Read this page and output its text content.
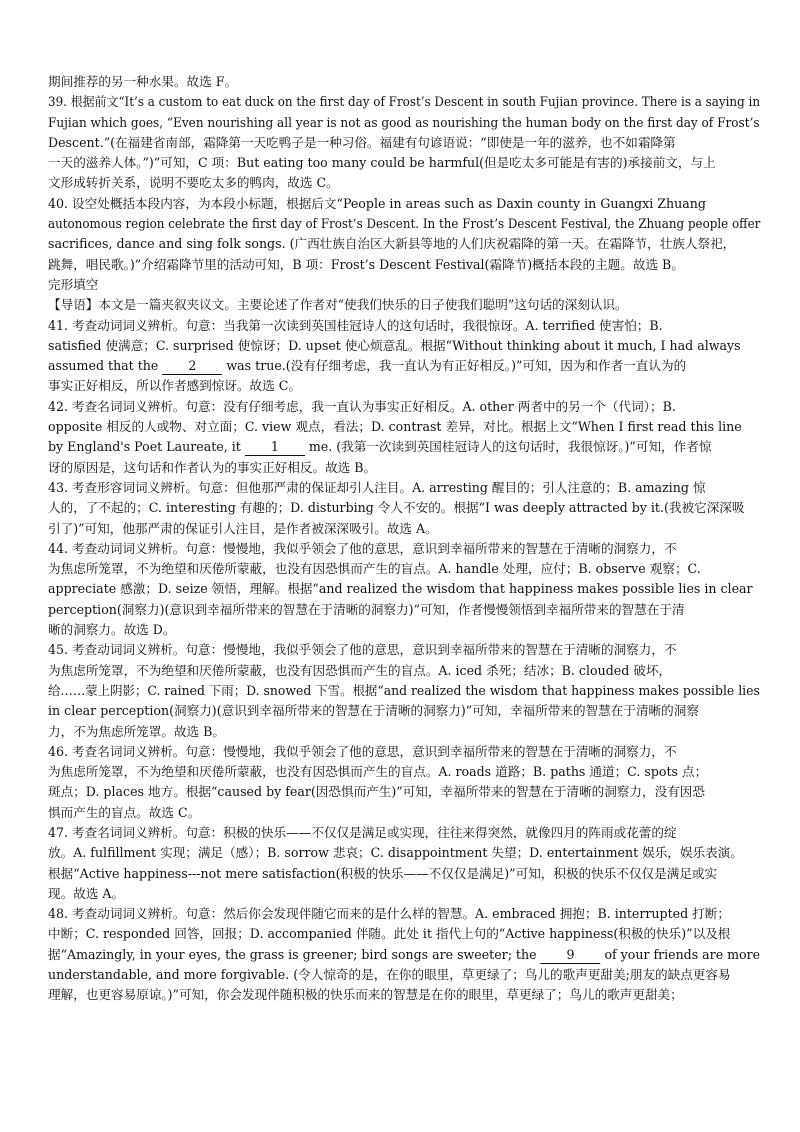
期间推荐的另一种水果。故选 F。
39. 根据前文“It’s a custom to eat duck on the first day of Frost’s Descent in south Fujian province. There is a saying in
Fujian which goes, “Even nourishing all year is not as good as nourishing the human body on the first day of Frost’s
Descent.”(在福建省南部，霜降第一天吃鸭子是一种习俗。福建有句谚语说：“即使是一年的滋养，也不如霜降第
一天的滋养人体。”)”可知，C 项：But eating too many could be harmful(但是吃太多可能是有害的)承接前文，与上
文形成转折关系，说明不要吃太多的鸭肉，故选 C。
40. 设空处概括本段内容，为本段小标题，根据后文“People in areas such as Daxin county in Guangxi Zhuang
autonomous region celebrate the first day of Frost’s Descent. In the Frost’s Descent Festival, the Zhuang people offer
sacrifices, dance and sing folk songs. (广西壮族自治区大新县等地的人们庆祝霜降的第一天。在霜降节，壮族人祭祀，
跳舞，唱民歌。)”介绍霜降节里的活动可知，B 项：Frost’s Descent Festival(霜降节)概括本段的主题。故选 B。
完形填空
【导语】本文是一篇夹叙夹议文。主要论述了作者对“使我们快乐的日子使我们聪明”这句话的深刻认识。
41. 考查动词词义辨析。句意：当我第一次读到英国桂冠诗人的这句话时，我很惊讶。A. terrified 使害怕；B.
satisfied 使满意；C. surprised 使惊讶；D. upset 使心烦意乱。根据“Without thinking about it much, I had always
assumed that the 2 was true.(没有仔细考虑，我一直认为有正好相反。)”可知，因为和作者一直认为的
事实正好相反，所以作者感到惊讶。故选 C。
42. 考查名词词义辨析。句意：没有仔细考虑，我一直认为事实正好相反。A. other 两者中的另一个（代词）；B.
opposite 相反的人或物、对立面；C. view 观点，看法；D. contrast 差异，对比。根据上文“When I first read this line
by England's Poet Laureate, it 1 me. (我第一次读到英国桂冠诗人的这句话时，我很惊讶。)”可知，作者惊
讶的原因是，这句话和作者认为的事实正好相反。故选 B。
43. 考查形容词词义辨析。句意：但他那严肃的保证却引人注目。A. arresting 醒目的；引人注意的；B. amazing 惊
人的，了不起的；C. interesting 有趣的；D. disturbing 令人不安的。根据“I was deeply attracted by it.(我被它深深吸
引了)”可知，他那严肃的保证引人注目，是作者被深深吸引。故选 A。
44. 考查动词词义辨析。句意：慢慢地，我似乎领会了他的意思，意识到幸福所带来的智慧在于清晰的洞察力，不
为焦虑所笼罩，不为绝望和厌倦所蒙蔽，也没有因恐惧而产生的盲点。A. handle 处理，应付；B. observe 观察；C.
appreciate 感激；D. seize 领悟，理解。根据“and realized the wisdom that happiness makes possible lies in clear
perception(洞察力)(意识到幸福所带来的智慧在于清晰的洞察力)”可知，作者慢慢领悟到幸福所带来的智慧在于清
晰的洞察力。故选 D。
45. 考查动词词义辨析。句意：慢慢地，我似乎领会了他的意思，意识到幸福所带来的智慧在于清晰的洞察力，不
为焦虑所笼罩，不为绝望和厌倦所蒙蔽，也没有因恐惧而产生的盲点。A. iced 杀死；结冰；B. clouded 破坏，
给……蒙上阴影；C. rained 下雨；D. snowed 下雪。根据“and realized the wisdom that happiness makes possible lies
in clear perception(洞察力)(意识到幸福所带来的智慧在于清晰的洞察力)”可知，幸福所带来的智慧在于清晰的洞察
力，不为焦虑所笼罩。故选 B。
46. 考查名词词义辨析。句意：慢慢地，我似乎领会了他的意思，意识到幸福所带来的智慧在于清晰的洞察力，不
为焦虑所笼罩，不为绝望和厌倦所蒙蔽，也没有因恐惧而产生的盲点。A. roads 道路；B. paths 通道；C. spots 点；
斑点；D. places 地方。根据“caused by fear(因恐惧而产生)”可知，幸福所带来的智慧在于清晰的洞察力，没有因恐
惧而产生的盲点。故选 C。
47. 考查名词词义辨析。句意：积极的快乐——不仅仅是满足或实现，往往来得突然，就像四月的阵雨或花蕾的绽
放。A. fulfillment 实现；满足（感）；B. sorrow 悲哀；C. disappointment 失望；D. entertainment 娱乐，娱乐表演。
根据“Active happiness---not mere satisfaction(积极的快乐——不仅仅是满足)”可知，积极的快乐不仅仅是满足或实
现。故选 A。
48. 考查动词词义辨析。句意：然后你会发现伴随它而来的是什么样的智慧。A. embraced 拥抱；B. interrupted 打断；
中断；C. responded 回答，回报；D. accompanied 伴随。此处 it 指代上句的“Active happiness(积极的快乐)”以及根
据“Amazingly, in your eyes, the grass is greener; bird songs are sweeter; the 9 of your friends are more
understandable, and more forgivable. (令人惊奇的是，在你的眼里，草更绿了；鸟儿的歌声更甜美;朋友的缺点更容易
理解，也更容易原谅。)”可知，你会发现伴随积极的快乐而来的智慧是在你的眼里，草更绿了；鸟儿的歌声更甜美；
